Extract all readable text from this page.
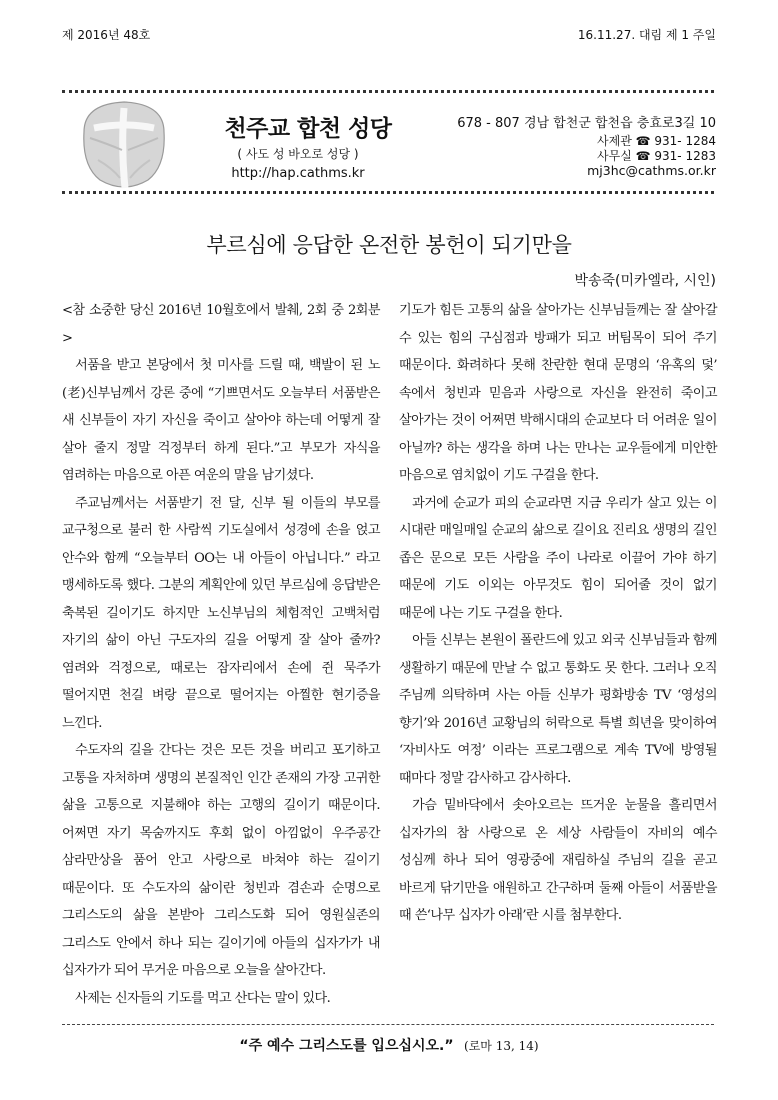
제 2016년 48호	16.11.27. 대림 제 1 주일
천주교 합천 성당
( 사도 성 바오로 성당 )
http://hap.cathms.kr
678 - 807 경남 합천군 합천읍 충효로3길 10
사제관 ☎ 931- 1284
사무실 ☎ 931- 1283
mj3hc@cathms.or.kr
부르심에 응답한 온전한 봉헌이 되기만을
박송죽(미카엘라, 시인)

<참 소중한 당신 2016년 10월호에서 발췌, 2회 중 2회분>

서품을 받고 본당에서 첫 미사를 드릴 때, 백발이 된 노(老)신부님께서 강론 중에 “기쁘면서도 오늘부터 서품받은 새 신부들이 자기 자신을 죽이고 살아야 하는데 어떻게 잘 살아 줄지 정말 걱정부터 하게 된다.”고 부모가 자식을 염려하는 마음으로 아픈 여운의 말을 남기셨다.

주교님께서는 서품받기 전 달, 신부 될 이들의 부모를 교구청으로 불러 한 사람씩 기도실에서 성경에 손을 얹고 안수와 함께 “오늘부터 OO는 내 아들이 아닙니다.” 라고 맹세하도록 했다. 그분의 계획안에 있던 부르심에 응답받은 축복된 길이기도 하지만 노신부님의 체험적인 고백처럼 자기의 삶이 아닌 구도자의 길을 어떻게 잘 살아 줄까? 염려와 걱정으로, 때로는 잠자리에서 손에 쥔 묵주가 떨어지면 천길 벼랑 끝으로 떨어지는 아찔한 현기증을 느낀다.

수도자의 길을 간다는 것은 모든 것을 버리고 포기하고 고통을 자처하며 생명의 본질적인 인간 존재의 가장 고귀한 삶을 고통으로 지불해야 하는 고행의 길이기 때문이다. 어쩌면 자기 목숨까지도 후회 없이 아낌없이 우주공간 삼라만상을 품어 안고 사랑으로 바쳐야 하는 길이기 때문이다. 또 수도자의 삶이란 청빈과 겸손과 순명으로 그리스도의 삶을 본받아 그리스도화 되어 영원실존의 그리스도 안에서 하나 되는 길이기에 아들의 십자가가 내 십자가가 되어 무거운 마음으로 오늘을 살아간다.

사제는 신자들의 기도를 먹고 산다는 말이 있다.

기도가 힘든 고통의 삶을 살아가는 신부님들께는 잘 살아갈 수 있는 힘의 구심점과 방패가 되고 버팀목이 되어 주기 때문이다. 화려하다 못해 찬란한 현대 문명의 ‘유혹의 덫’ 속에서 청빈과 믿음과 사랑으로 자신을 완전히 죽이고 살아가는 것이 어쩌면 박해시대의 순교보다 더 어려운 일이 아닐까? 하는 생각을 하며 나는 만나는 교우들에게 미안한 마음으로 염치없이 기도 구걸을 한다.

과거에 순교가 피의 순교라면 지금 우리가 살고 있는 이 시대란 매일매일 순교의 삶으로 길이요 진리요 생명의 길인 좁은 문으로 모든 사람을 주이 나라로 이끌어 가야 하기 때문에 기도 이외는 아무것도 힘이 되어줄 것이 없기 때문에 나는 기도 구걸을 한다.

아들 신부는 본원이 폴란드에 있고 외국 신부님들과 함께 생활하기 때문에 만날 수 없고 통화도 못 한다. 그러나 오직 주님께 의탁하며 사는 아들 신부가 평화방송 TV ‘영성의 향기’와 2016년 교황님의 허락으로 특별 희년을 맞이하여 ‘자비사도 여정’ 이라는 프로그램으로 계속 TV에 방영될 때마다 정말 감사하고 감사하다.

가슴 밑바닥에서 솟아오르는 뜨거운 눈물을 흘리면서 십자가의 참 사랑으로 온 세상 사람들이 자비의 예수 성심께 하나 되어 영광중에 재림하실 주님의 길을 곧고 바르게 닦기만을 애원하고 간구하며 둘째 아들이 서품받을 때 쓴‘나무 십자가 아래’란 시를 첨부한다.

“주 예수 그리스도를 입으십시오.” (로마 13, 14)
